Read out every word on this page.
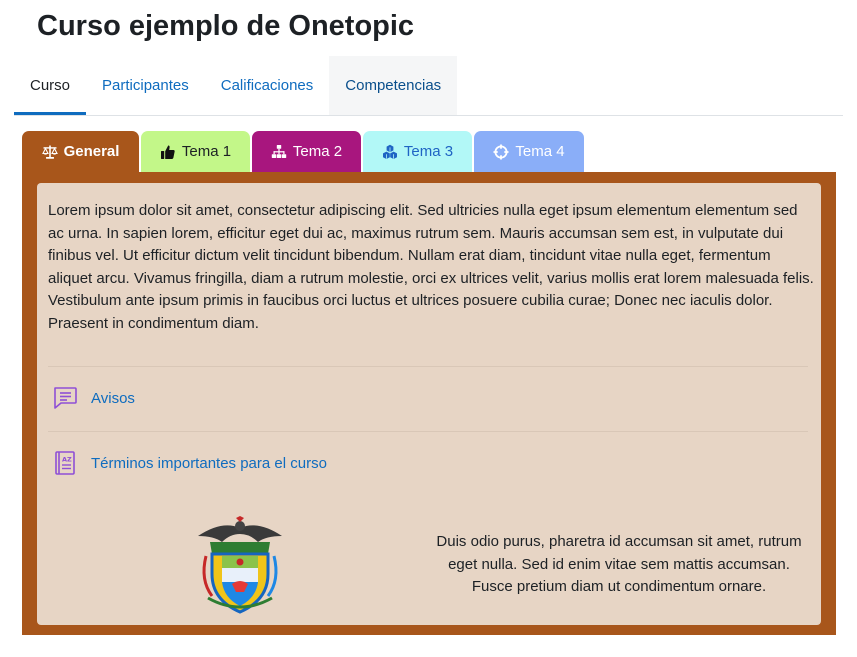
Curso ejemplo de Onetopic
Curso	Participantes	Calificaciones	Competencias
General	Tema 1	Tema 2	Tema 3	Tema 4

Lorem ipsum dolor sit amet, consectetur adipiscing elit. Sed ultricies nulla eget ipsum elementum elementum sed ac urna. In sapien lorem, efficitur eget dui ac, maximus rutrum sem. Mauris accumsan sem est, in vulputate dui finibus vel. Ut efficitur dictum velit tincidunt bibendum. Nullam erat diam, tincidunt vitae nulla eget, fermentum aliquet arcu. Vivamus fringilla, diam a rutrum molestie, orci ex ultrices velit, varius mollis erat lorem malesuada felis. Vestibulum ante ipsum primis in faucibus orci luctus et ultrices posuere cubilia curae; Donec nec iaculis dolor. Praesent in condimentum diam.

Avisos
AZ Términos importantes para el curso

Duis odio purus, pharetra id accumsan sit amet, rutrum eget nulla. Sed id enim vitae sem mattis accumsan. Fusce pretium diam ut condimentum ornare.
